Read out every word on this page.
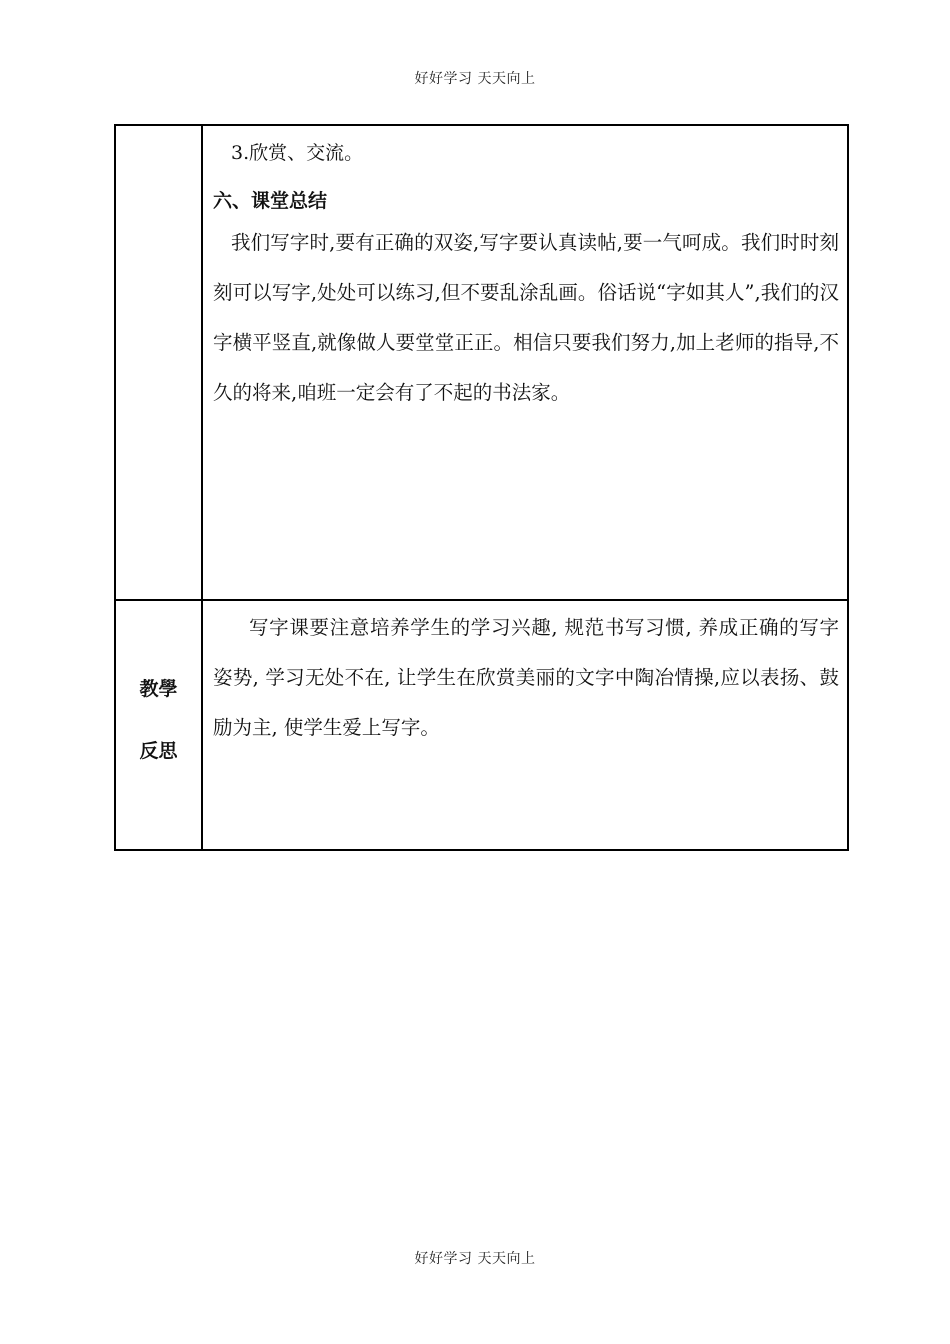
好好学习 天天向上

	3.欣赏、交流。
六、课堂总结
我们写字时,要有正确的双姿,写字要认真读帖,要一气呵成。我们时时刻刻可以写字,处处可以练习,但不要乱涂乱画。俗话说“字如其人”,我们的汉字横平竖直,就像做人要堂堂正正。相信只要我们努力,加上老师的指导,不久的将来,咱班一定会有了不起的书法家。

教學
反思	写字课要注意培养学生的学习兴趣, 规范书写习惯, 养成正确的写字姿势, 学习无处不在, 让学生在欣赏美丽的文字中陶冶情操,应以表扬、鼓励为主, 使学生爱上写字。
好好学习 天天向上
